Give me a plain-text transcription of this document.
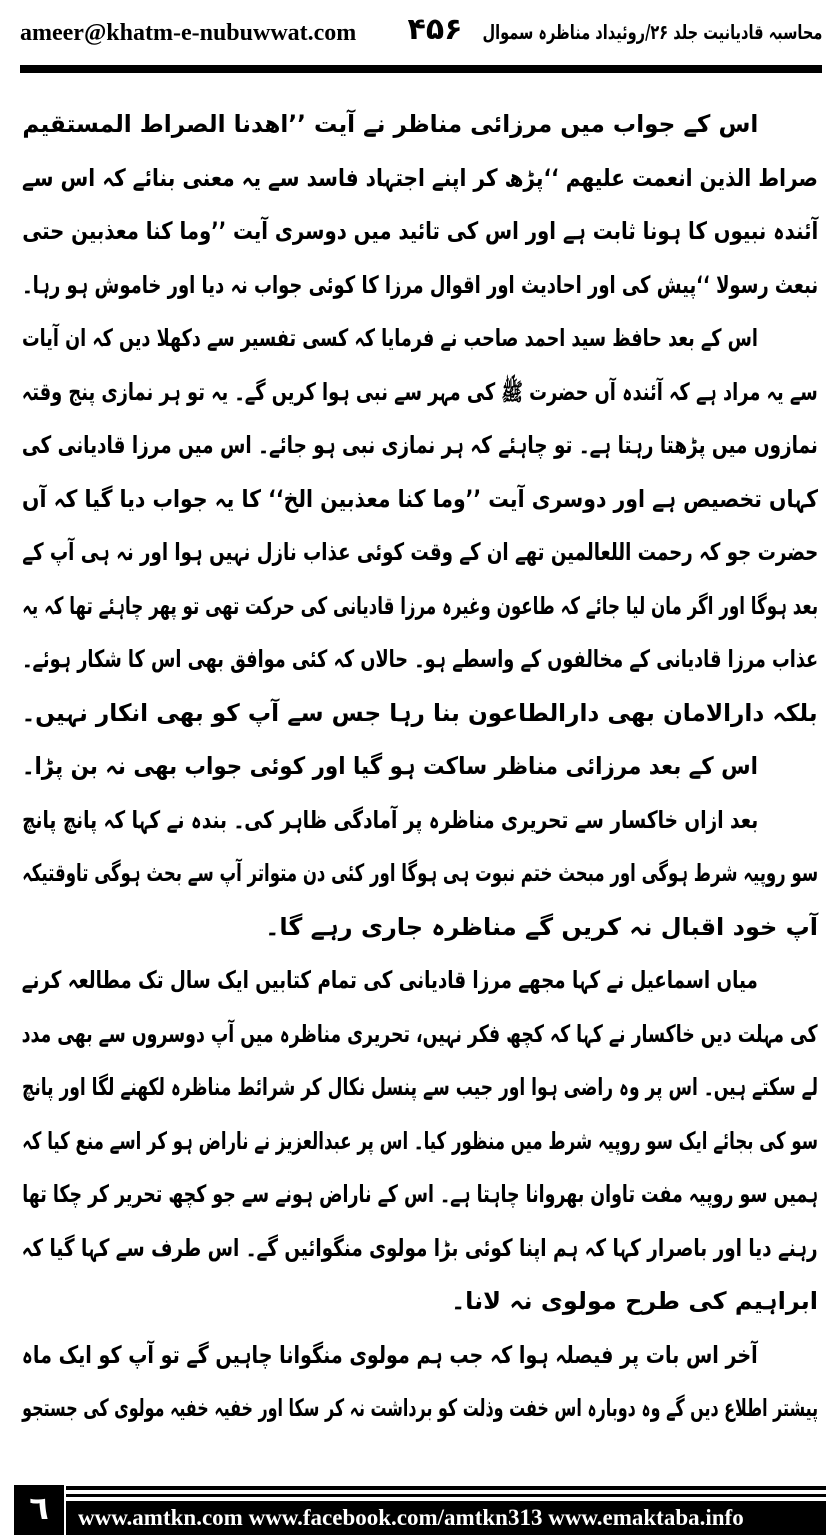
ameer@khatm-e-nubuwwat.com	۴۵۶ محاسبہ قادیانیت جلد ۲۶/روئیداد مناظرہ سموال
اس کے جواب میں مرزائی مناظر نے آیت ’’اھدنا الصراط المستقیم
صراط الذین انعمت علیھم ‘‘پڑھ کر اپنے اجتہاد فاسد سے یہ معنی بنائے کہ اس سے
آئندہ نبیوں کا ہونا ثابت ہے اور اس کی تائید میں دوسری آیت ’’وما کنا معذبین حتی
نبعث رسولا ‘‘پیش کی اور احادیث اور اقوال مرزا کا کوئی جواب نہ دیا اور خاموش ہو رہا۔
اس کے بعد حافظ سید احمد صاحب نے فرمایا کہ کسی تفسیر سے دکھلا دیں کہ ان آیات
سے یہ مراد ہے کہ آئندہ آں حضرت ﷺ کی مہر سے نبی ہوا کریں گے۔ یہ تو ہر نمازی پنج وقتہ
نمازوں میں پڑھتا رہتا ہے۔ تو چاہئے کہ ہر نمازی نبی ہو جائے۔ اس میں مرزا قادیانی کی
کہاں تخصیص ہے اور دوسری آیت ’’وما کنا معذبین الخ‘‘ کا یہ جواب دیا گیا کہ آں
حضرت جو کہ رحمت اللعالمین تھے ان کے وقت کوئی عذاب نازل نہیں ہوا اور نہ ہی آپ کے
بعد ہوگا اور اگر مان لیا جائے کہ طاعون وغیرہ مرزا قادیانی کی حرکت تھی تو پھر چاہئے تھا کہ یہ
عذاب مرزا قادیانی کے مخالفوں کے واسطے ہو۔ حالاں کہ کئی موافق بھی اس کا شکار ہوئے۔
بلکہ دارالامان بھی دارالطاعون بنا رہا جس سے آپ کو بھی انکار نہیں۔
اس کے بعد مرزائی مناظر ساکت ہو گیا اور کوئی جواب بھی نہ بن پڑا۔
بعد ازاں خاکسار سے تحریری مناظرہ پر آمادگی ظاہر کی۔ بندہ نے کہا کہ پانچ پانچ
سو روپیہ شرط ہوگی اور مبحث ختم نبوت ہی ہوگا اور کئی دن متواتر آپ سے بحث ہوگی تاوقتیکہ
آپ خود اقبال نہ کریں گے مناظرہ جاری رہے گا۔
میاں اسماعیل نے کہا مجھے مرزا قادیانی کی تمام کتابیں ایک سال تک مطالعہ کرنے
کی مہلت دیں خاکسار نے کہا کہ کچھ فکر نہیں، تحریری مناظرہ میں آپ دوسروں سے بھی مدد
لے سکتے ہیں۔ اس پر وہ راضی ہوا اور جیب سے پنسل نکال کر شرائط مناظرہ لکھنے لگا اور پانچ
سو کی بجائے ایک سو روپیہ شرط میں منظور کیا۔ اس پر عبدالعزیز نے ناراض ہو کر اسے منع کیا کہ
ہمیں سو روپیہ مفت تاوان بھروانا چاہتا ہے۔ اس کے ناراض ہونے سے جو کچھ تحریر کر چکا تھا
رہنے دیا اور باصرار کہا کہ ہم اپنا کوئی بڑا مولوی منگوائیں گے۔ اس طرف سے کہا گیا کہ
ابراہیم کی طرح مولوی نہ لانا۔
آخر اس بات پر فیصلہ ہوا کہ جب ہم مولوی منگوانا چاہیں گے تو آپ کو ایک ماہ
پیشتر اطلاع دیں گے وہ دوبارہ اس خفت وذلت کو برداشت نہ کر سکا اور خفیہ خفیہ مولوی کی جستجو
٦	www.amtkn.com www.facebook.com/amtkn313 www.emaktaba.info
